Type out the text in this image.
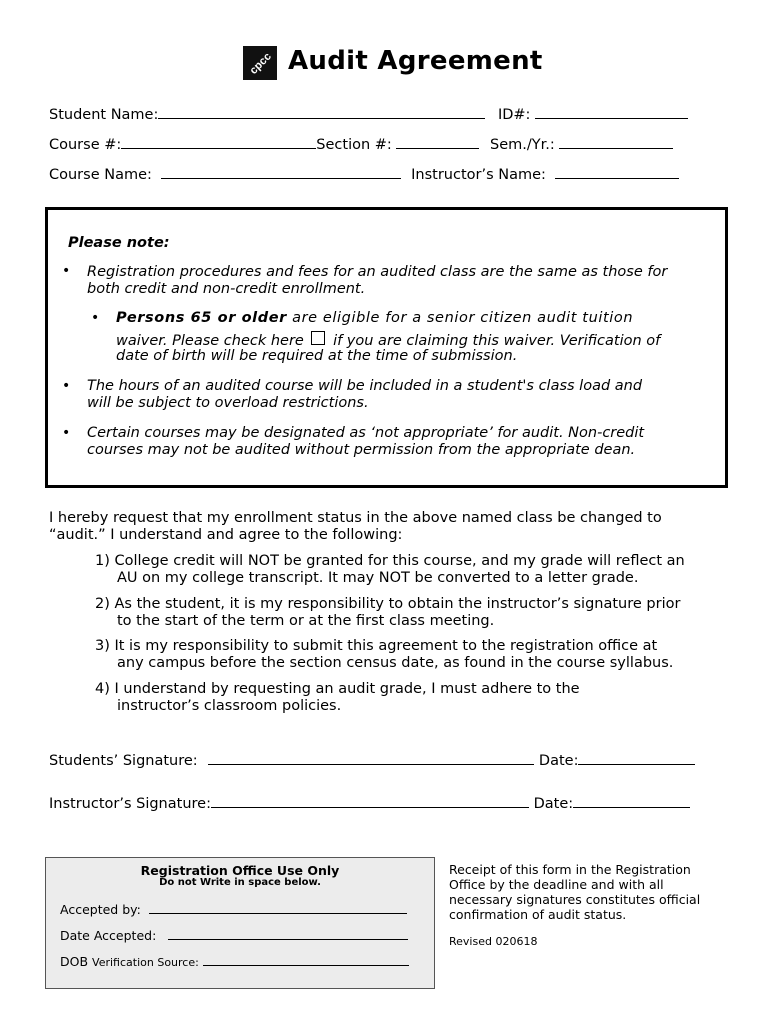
cpcc Audit Agreement
Student Name:	ID#:
Course #:	Section #:	Sem./Yr.:
Course Name:	Instructor’s Name:
Please note:
• Registration procedures and fees for an audited class are the same as those for
both credit and non-credit enrollment.
• Persons 65 or older are eligible for a senior citizen audit tuition
waiver. Please check here if you are claiming this waiver. Verification of
date of birth will be required at the time of submission.
• The hours of an audited course will be included in a student's class load and
will be subject to overload restrictions.
• Certain courses may be designated as ‘not appropriate’ for audit. Non-credit
courses may not be audited without permission from the appropriate dean.
I hereby request that my enrollment status in the above named class be changed to
“audit.” I understand and agree to the following:
1) College credit will NOT be granted for this course, and my grade will reflect an
AU on my college transcript. It may NOT be converted to a letter grade.
2) As the student, it is my responsibility to obtain the instructor’s signature prior
to the start of the term or at the first class meeting.
3) It is my responsibility to submit this agreement to the registration office at
any campus before the section census date, as found in the course syllabus.
4) I understand by requesting an audit grade, I must adhere to the
instructor’s classroom policies.
Students’ Signature:	Date:
Instructor’s Signature:	Date:
Registration Office Use Only
Do not Write in space below.
Accepted by:
Date Accepted:
DOB Verification Source:
Receipt of this form in the Registration
Office by the deadline and with all
necessary signatures constitutes official
confirmation of audit status.
Revised 020618
